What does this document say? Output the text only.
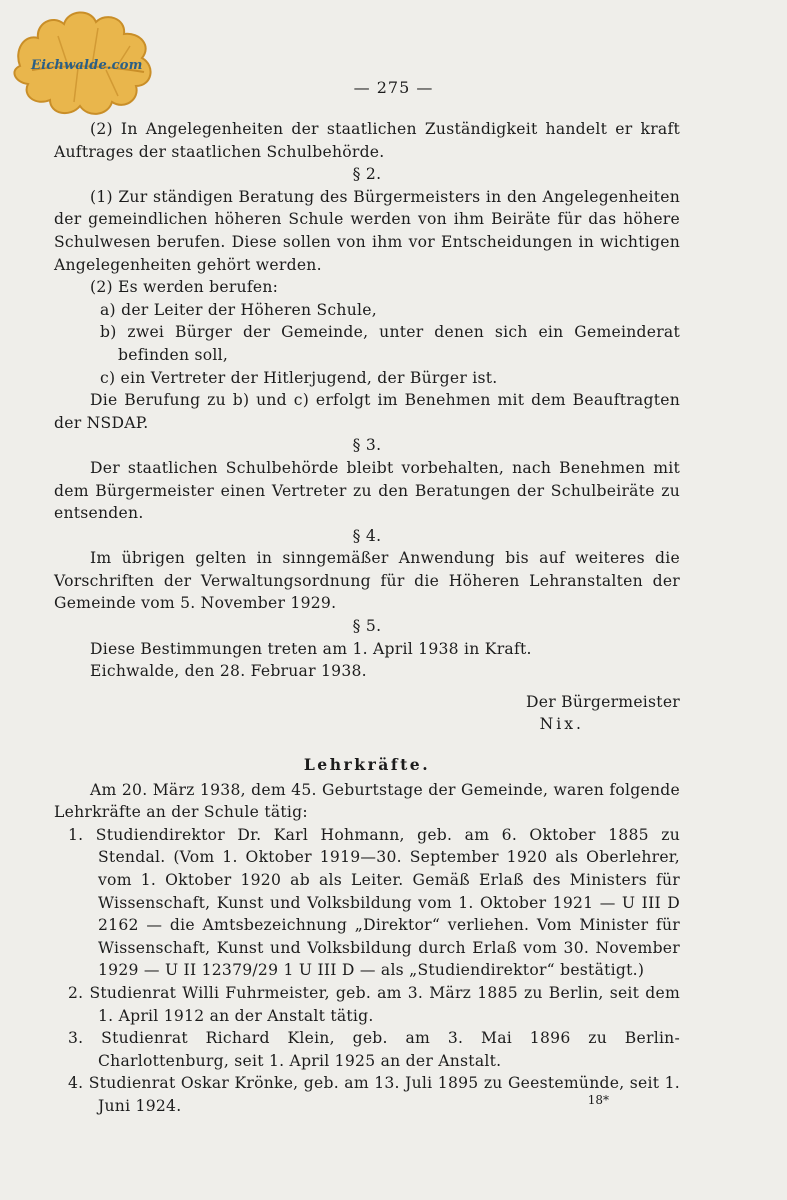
Eichwalde.com
— 275 —

(2) In Angelegenheiten der staatlichen Zuständigkeit handelt er kraft Auftrages der staatlichen Schulbehörde.

§ 2.

(1) Zur ständigen Beratung des Bürgermeisters in den Angelegenheiten der gemeindlichen höheren Schule werden von ihm Beiräte für das höhere Schulwesen berufen. Diese sollen von ihm vor Entscheidungen in wichtigen Angelegenheiten gehört werden.

(2) Es werden berufen:

a) der Leiter der Höheren Schule,

b) zwei Bürger der Gemeinde, unter denen sich ein Gemeinderat befinden soll,

c) ein Vertreter der Hitlerjugend, der Bürger ist.

Die Berufung zu b) und c) erfolgt im Benehmen mit dem Beauftragten der NSDAP.

§ 3.

Der staatlichen Schulbehörde bleibt vorbehalten, nach Benehmen mit dem Bürgermeister einen Vertreter zu den Beratungen der Schulbeiräte zu entsenden.

§ 4.

Im übrigen gelten in sinngemäßer Anwendung bis auf weiteres die Vorschriften der Verwaltungsordnung für die Höheren Lehranstalten der Gemeinde vom 5. November 1929.

§ 5.

Diese Bestimmungen treten am 1. April 1938 in Kraft.

Eichwalde, den 28. Februar 1938.

Der Bürgermeister

Nix.

Lehrkräfte.

Am 20. März 1938, dem 45. Geburtstage der Gemeinde, waren folgende Lehrkräfte an der Schule tätig:

1. Studiendirektor Dr. Karl Hohmann, geb. am 6. Oktober 1885 zu Stendal. (Vom 1. Oktober 1919—30. September 1920 als Oberlehrer, vom 1. Oktober 1920 ab als Leiter. Gemäß Erlaß des Ministers für Wissenschaft, Kunst und Volksbildung vom 1. Oktober 1921 — U III D 2162 — die Amtsbezeichnung „Direktor“ verliehen. Vom Minister für Wissenschaft, Kunst und Volksbildung durch Erlaß vom 30. November 1929 — U II 12379/29 1 U III D — als „Studiendirektor“ bestätigt.)

2. Studienrat Willi Fuhrmeister, geb. am 3. März 1885 zu Berlin, seit dem 1. April 1912 an der Anstalt tätig.

3. Studienrat Richard Klein, geb. am 3. Mai 1896 zu Berlin-Charlottenburg, seit 1. April 1925 an der Anstalt.

4. Studienrat Oskar Krönke, geb. am 13. Juli 1895 zu Geestemünde, seit 1. Juni 1924.	18*
